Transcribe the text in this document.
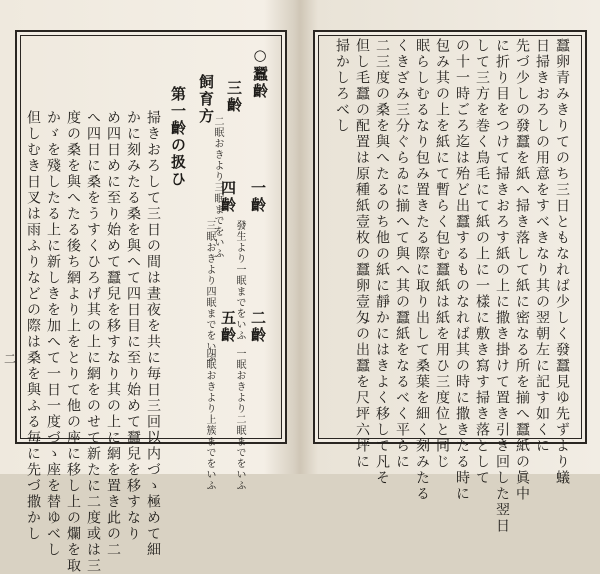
二
○蠶齡
飼育方
第一齡の扱ひ	三齡
二眠おきより三眠までをいふ 一齡
發生より一眠までをいふ
四齡
三眠おきより四眠までをいふ 二齡
一眠おきより二眠までをいふ
五齡
四眠おきより上簇までをいふ
掃きおろして三日の間は晝夜を共に毎日三回以内づゝ極めて細
かに刻みたる桑を與へて四日目に至り始めて蠶兒を移すなり
め四日めに至り始めて蠶兒を移すなり其の上に網を置き此の二
へ四日に桑をうすくひろげ其の上に網をのせて新たに二度或は三
度の桑を與へたる後ち網より上をとりて他の座に移し上の爛を取
かゞを殘したる上に新しきを加へて一日一度づゝ座を替ゆべし
但しむき日叉は雨ふりなどの際は桑を與ふる毎に先づ撒かし	蠶卵青みきりてのち三日ともなれば少しく發蠶見ゆ先ずより蟻
日掃きおろしの用意をすべきなり其の翌朝左に記す如くに
先づ少しの發蠶を紙へ掃き落して紙に密なる所を揃へ蠶紙の眞中
に折り目をつけて掃きおろす紙の上に撒き掛けて置き引き回した翌日
して三方を巻く鳥毛にて紙の上に一樣に敷き寫す掃き落として
の十一時ごろ迄は殆ど出蠶するものなれば其の時に撒きたる時に
包み其の上を紙にて暫らく包む蠶紙は紙を用ひ三度位と同じ
眠らしむるなり包み置きたる際に取り出して桑葉を細く刻みたる
くきざみ三分ぐらゐに揃へて與へ其の蠶紙をなるべく平らに
二三度の桑を與へたるのち他の紙に靜かにはきよく移して凡そ
但し毛蠶の配置は原種紙壹枚の蠶卵壹匁の出蠶を尺坪六坪に
掃かしろべし
